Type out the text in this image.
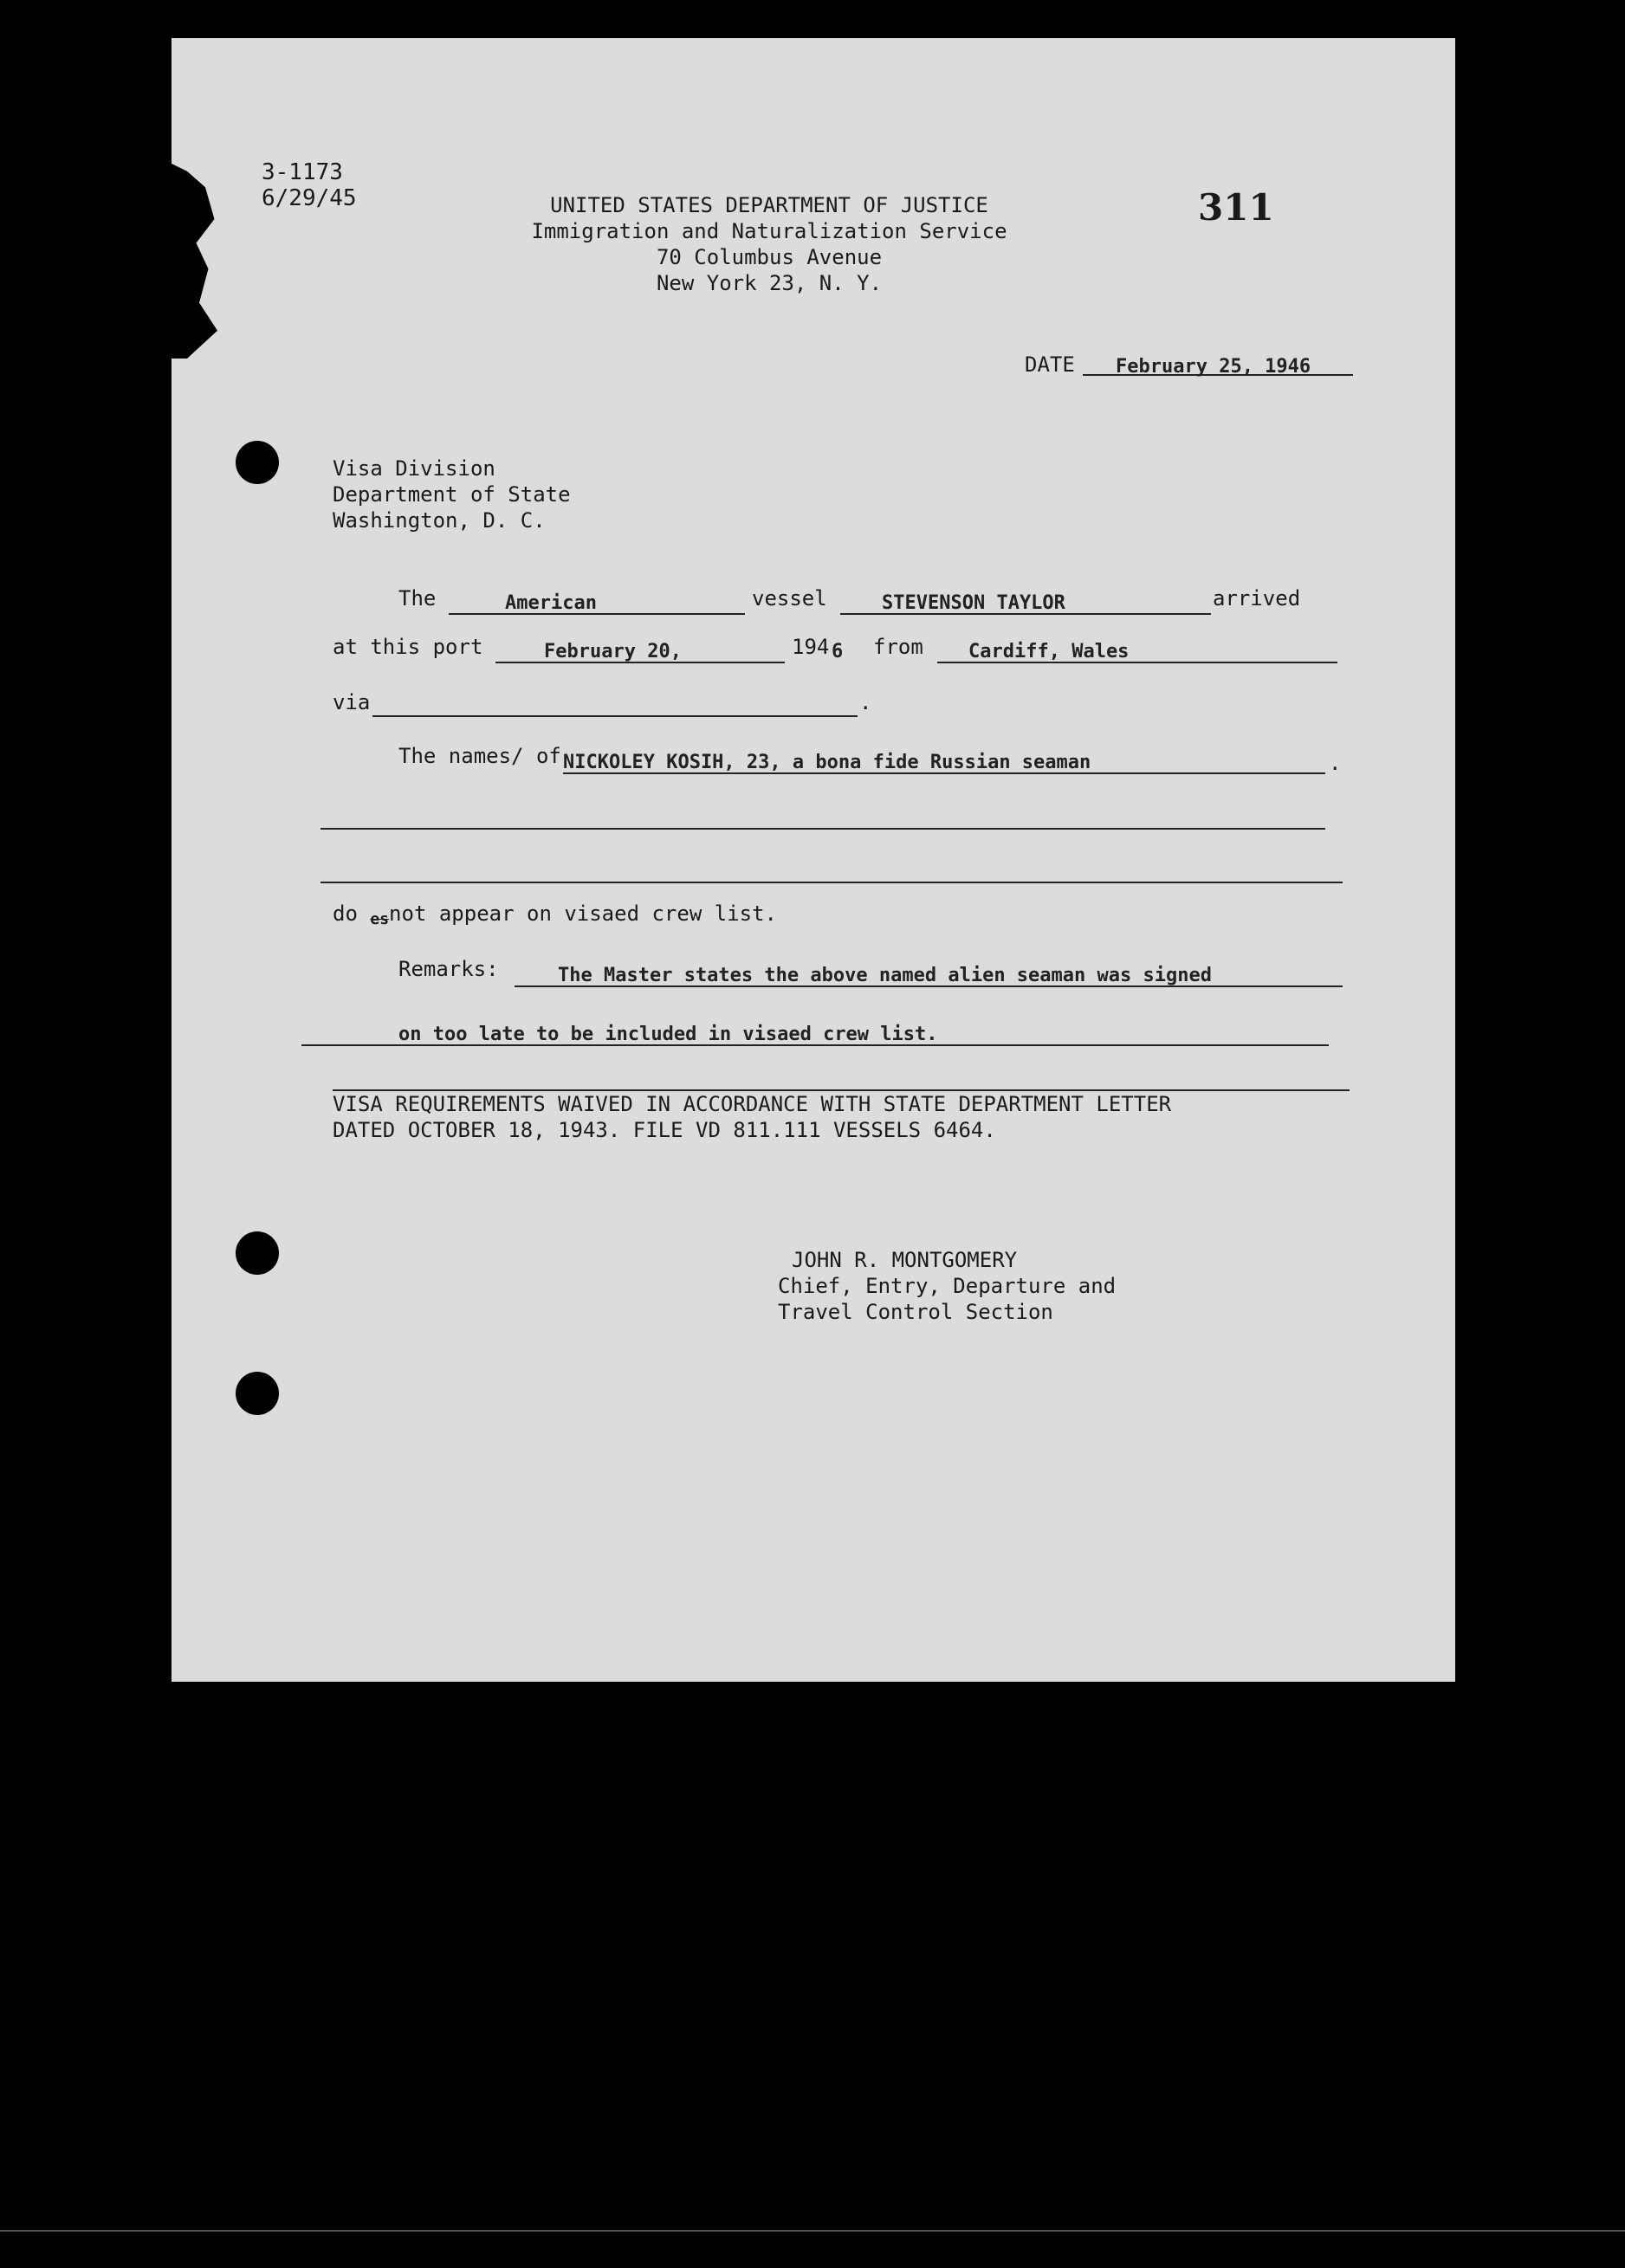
3-1173
6/29/45	311
UNITED STATES DEPARTMENT OF JUSTICE
Immigration and Naturalization Service
70 Columbus Avenue
New York 23, N. Y.
DATE February 25, 1946
Visa Division
Department of State
Washington, D. C.
The	American	vessel	STEVENSON TAYLOR	arrived
at this port	February 20,	194 6 from Cardiff, Wales
via	.
The names/ of NICKOLEY KOSIH, 23, a bona fide Russian seaman	.
do esnot appear on visaed crew list.
Remarks:	The Master states the above named alien seaman was signed
on too late to be included in visaed crew list.
VISA REQUIREMENTS WAIVED IN ACCORDANCE WITH STATE DEPARTMENT LETTER
DATED OCTOBER 18, 1943. FILE VD 811.111 VESSELS 6464.
JOHN R. MONTGOMERY
Chief, Entry, Departure and
Travel Control Section
